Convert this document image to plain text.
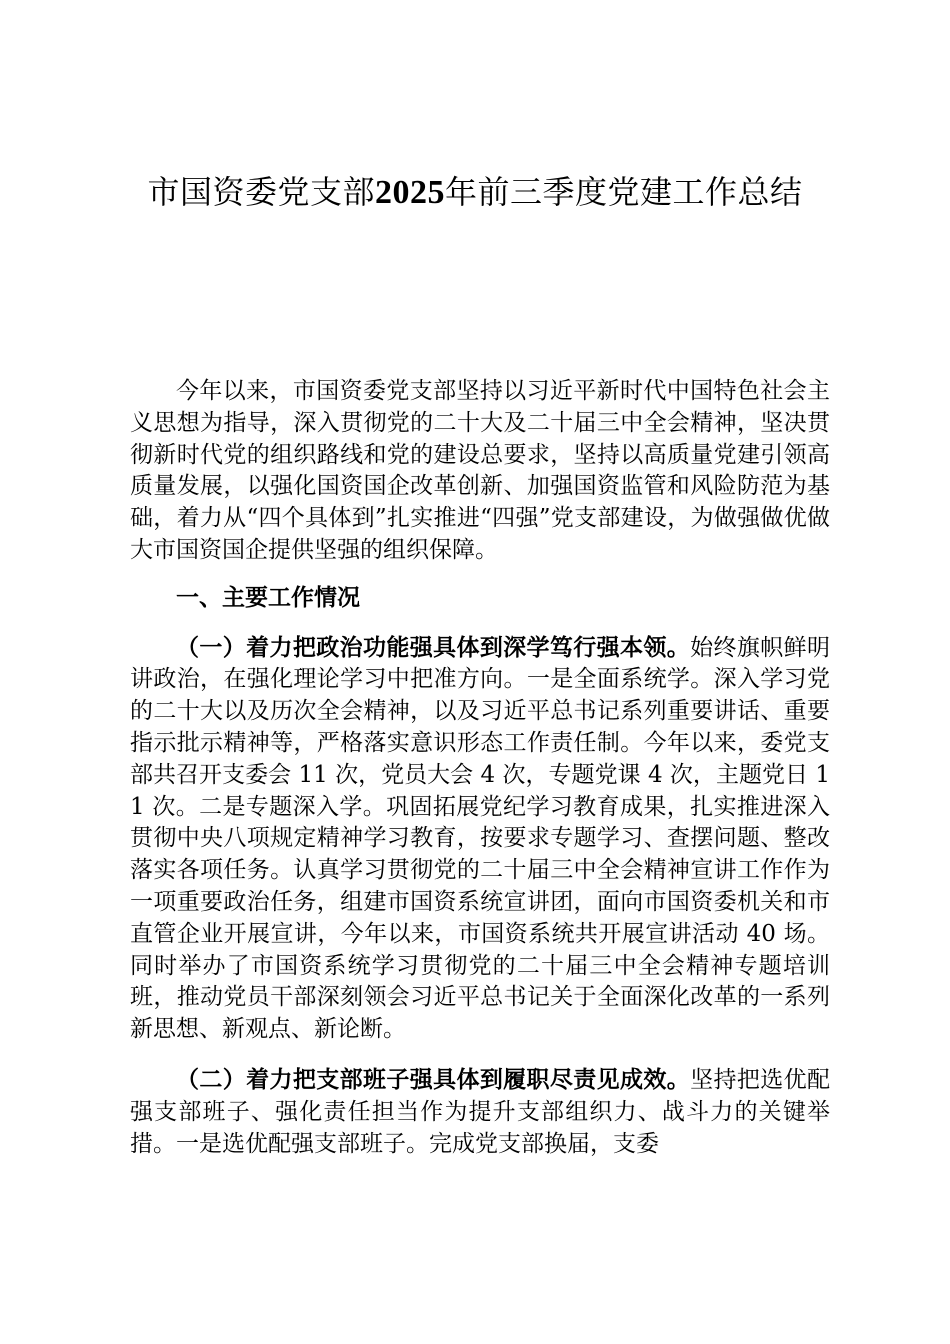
市国资委党支部2025年前三季度党建工作总结

今年以来，市国资委党支部坚持以习近平新时代中国特色社会主义思想为指导，深入贯彻党的二十大及二十届三中全会精神，坚决贯彻新时代党的组织路线和党的建设总要求，坚持以高质量党建引领高质量发展，以强化国资国企改革创新、加强国资监管和风险防范为基础，着力从“四个具体到”扎实推进“四强”党支部建设，为做强做优做大市国资国企提供坚强的组织保障。

一、主要工作情况

（一）着力把政治功能强具体到深学笃行强本领。始终旗帜鲜明讲政治，在强化理论学习中把准方向。一是全面系统学。深入学习党的二十大以及历次全会精神，以及习近平总书记系列重要讲话、重要指示批示精神等，严格落实意识形态工作责任制。今年以来，委党支部共召开支委会 11 次，党员大会 4 次，专题党课 4 次，主题党日 11 次。二是专题深入学。巩固拓展党纪学习教育成果，扎实推进深入贯彻中央八项规定精神学习教育，按要求专题学习、查摆问题、整改落实各项任务。认真学习贯彻党的二十届三中全会精神宣讲工作作为一项重要政治任务，组建市国资系统宣讲团，面向市国资委机关和市直管企业开展宣讲，今年以来，市国资系统共开展宣讲活动 40 场。同时举办了市国资系统学习贯彻党的二十届三中全会精神专题培训班，推动党员干部深刻领会习近平总书记关于全面深化改革的一系列新思想、新观点、新论断。

（二）着力把支部班子强具体到履职尽责见成效。坚持把选优配强支部班子、强化责任担当作为提升支部组织力、战斗力的关键举措。一是选优配强支部班子。完成党支部换届，支委
